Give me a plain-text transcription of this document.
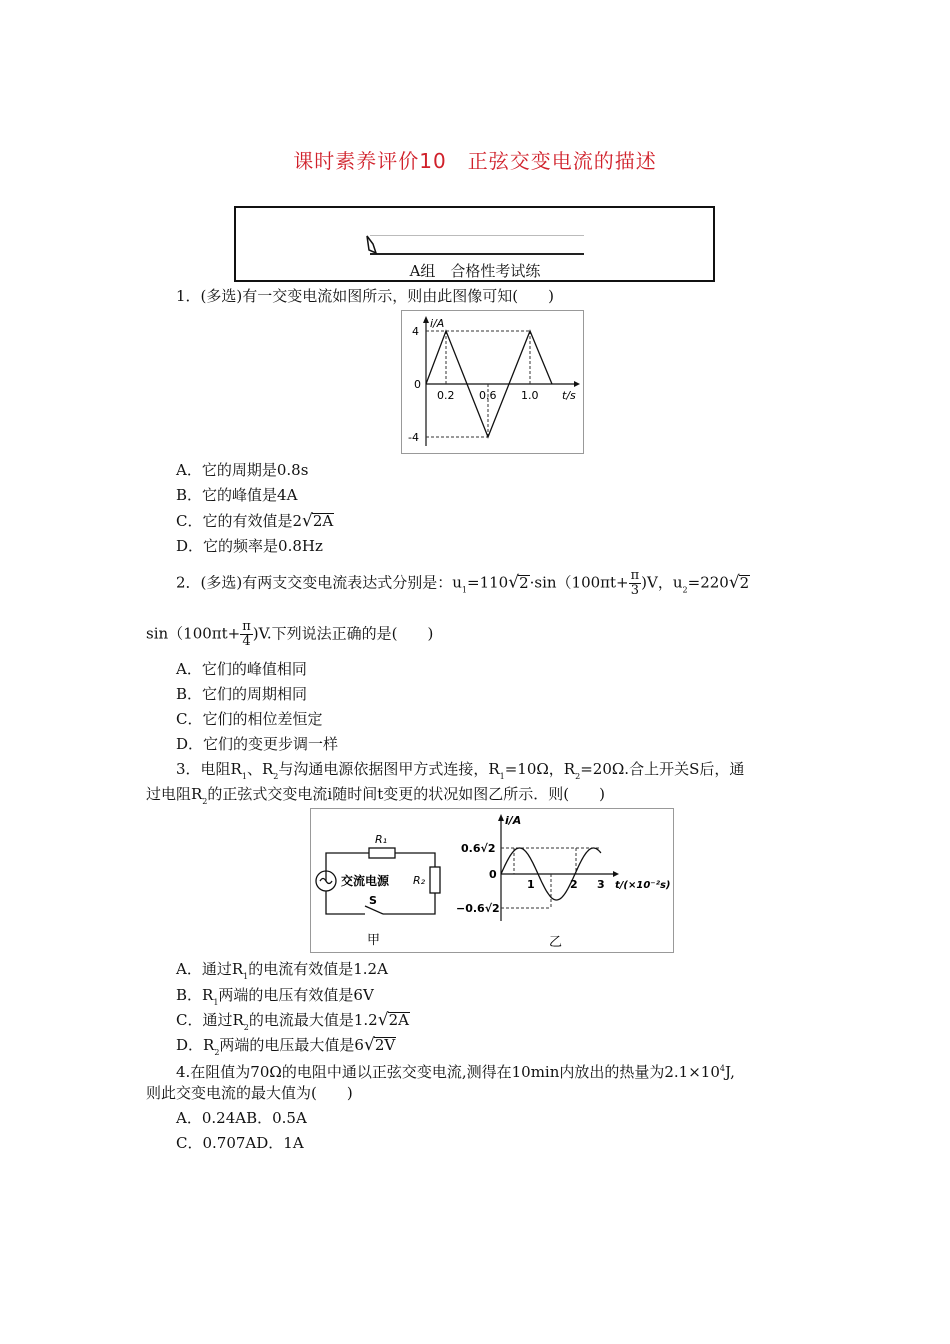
课时素养评价10　正弦交变电流的描述
A组　合格性考试练
1．(多选)有一交变电流如图所示，则由此图像可知(　　)
i/A
4
0
-4
0.2 0.6 1.0 t/s
A．它的周期是0.8s
B．它的峰值是4A
C．它的有效值是2√2A
D．它的频率是0.8Hz
2．(多选)有两支交变电流表达式分别是：$u_1=110√2\cdot\sin(100\pi t+ \frac{\pi}{3} )V$，$u_2=220√2$
$\sin(100\pi t+ \frac{\pi}{4} )V$.下列说法正确的是(　　)
A．它们的峰值相同
B．它们的周期相同
C．它们的相位差恒定
D．它们的变更步调一样
3．电阻$R_1$、$R_2$与沟通电源依据图甲方式连接，$R_1=10\Omega$，$R_2=20\Omega$.合上开关S后，通
过电阻$R_2$的正弦式交变电流i随时间t变更的状况如图乙所示．则(　　)
R₁
R₂
交流电源
S
甲
i/A
0.6√2
0
−0.6√2
1	2 3 t/(×10⁻²s)
乙
A．通过$R_1$的电流有效值是1.2A
B．$R_1$两端的电压有效值是6V
C．通过$R_2$的电流最大值是1.2√2A
D．$R_2$两端的电压最大值是6√2V
4.在阻值为70Ω的电阻中通以正弦交变电流,测得在10min内放出的热量为$2.1\times 10^4J$,
则此交变电流的最大值为(　　)
A．0.24AB．0.5A
C．0.707AD．1A
